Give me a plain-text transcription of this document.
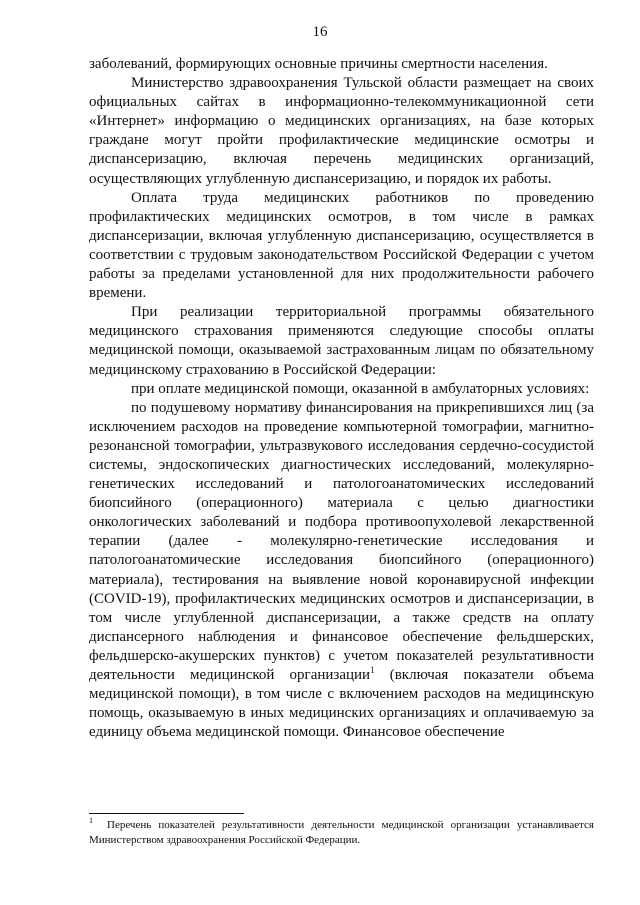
16

заболеваний, формирующих основные причины смертности населения.

Министерство здравоохранения Тульской области размещает на своих официальных сайтах в информационно-телекоммуникационной сети «Интернет» информацию о медицинских организациях, на базе которых граждане могут пройти профилактические медицинские осмотры и диспансеризацию, включая перечень медицинских организаций, осуществляющих углубленную диспансеризацию, и порядок их работы.

Оплата труда медицинских работников по проведению профилактических медицинских осмотров, в том числе в рамках диспансеризации, включая углубленную диспансеризацию, осуществляется в соответствии с трудовым законодательством Российской Федерации с учетом работы за пределами установленной для них продолжительности рабочего времени.

При реализации территориальной программы обязательного медицинского страхования применяются следующие способы оплаты медицинской помощи, оказываемой застрахованным лицам по обязательному медицинскому страхованию в Российской Федерации:

при оплате медицинской помощи, оказанной в амбулаторных условиях:

по подушевому нормативу финансирования на прикрепившихся лиц (за исключением расходов на проведение компьютерной томографии, магнитно-резонансной томографии, ультразвукового исследования сердечно-сосудистой системы, эндоскопических диагностических исследований, молекулярно-генетических исследований и патологоанатомических исследований биопсийного (операционного) материала с целью диагностики онкологических заболеваний и подбора противоопухолевой лекарственной терапии (далее - молекулярно-генетические исследования и патологоанатомические исследования биопсийного (операционного) материала), тестирования на выявление новой коронавирусной инфекции (COVID-19), профилактических медицинских осмотров и диспансеризации, в том числе углубленной диспансеризации, а также средств на оплату диспансерного наблюдения и финансовое обеспечение фельдшерских, фельдшерско-акушерских пунктов) с учетом показателей результативности деятельности медицинской организации$^1$ (включая показатели объема медицинской помощи), в том числе с включением расходов на медицинскую помощь, оказываемую в иных медицинских организациях и оплачиваемую за единицу объема медицинской помощи. Финансовое обеспечение

$^1$ Перечень показателей результативности деятельности медицинской организации устанавливается Министерством здравоохранения Российской Федерации.
